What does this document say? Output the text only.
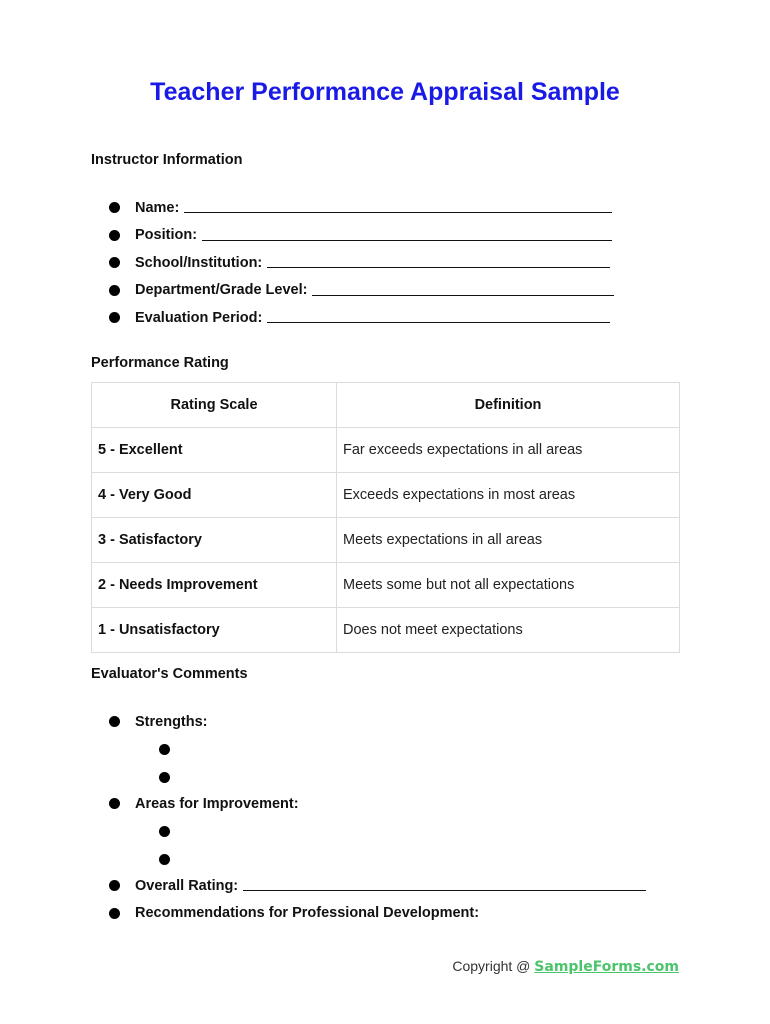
Teacher Performance Appraisal Sample
Instructor Information
Name:
Position:
School/Institution:
Department/Grade Level:
Evaluation Period:
Performance Rating
Rating Scale	Definition
5 - Excellent	Far exceeds expectations in all areas
4 - Very Good	Exceeds expectations in most areas
3 - Satisfactory	Meets expectations in all areas
2 - Needs Improvement	Meets some but not all expectations
1 - Unsatisfactory	Does not meet expectations
Evaluator's Comments
Strengths:
Areas for Improvement:
Overall Rating:
Recommendations for Professional Development:
Copyright @ SampleForms.com
